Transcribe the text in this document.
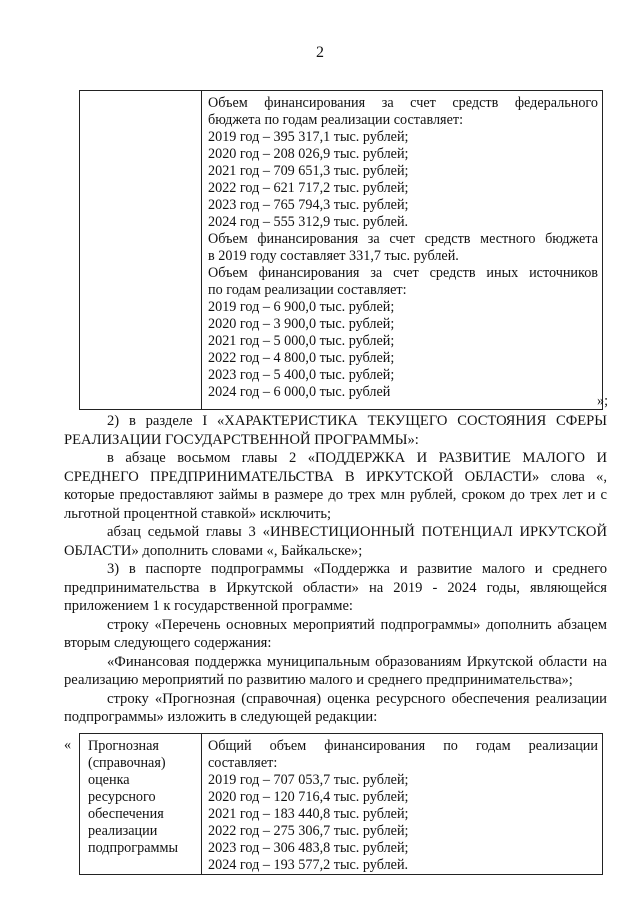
2
Объем финансирования за счет средств федерального
бюджета по годам реализации составляет:
2019 год – 395 317,1 тыс. рублей;
2020 год – 208 026,9 тыс. рублей;
2021 год – 709 651,3 тыс. рублей;
2022 год – 621 717,2 тыс. рублей;
2023 год – 765 794,3 тыс. рублей;
2024 год – 555 312,9 тыс. рублей.
Объем финансирования за счет средств местного бюджета
в 2019 году составляет 331,7 тыс. рублей.
Объем финансирования за счет средств иных источников
по годам реализации составляет:
2019 год – 6 900,0 тыс. рублей;
2020 год – 3 900,0 тыс. рублей;
2021 год – 5 000,0 тыс. рублей;
2022 год – 4 800,0 тыс. рублей;
2023 год – 5 400,0 тыс. рублей;
2024 год – 6 000,0 тыс. рублей
»;

2) в разделе I «ХАРАКТЕРИСТИКА ТЕКУЩЕГО СОСТОЯНИЯ СФЕРЫ РЕАЛИЗАЦИИ ГОСУДАРСТВЕННОЙ ПРОГРАММЫ»:

в абзаце восьмом главы 2 «ПОДДЕРЖКА И РАЗВИТИЕ МАЛОГО И СРЕДНЕГО ПРЕДПРИНИМАТЕЛЬСТВА В ИРКУТСКОЙ ОБЛАСТИ» слова «, которые предоставляют займы в размере до трех млн рублей, сроком до трех лет и с льготной процентной ставкой» исключить;

абзац седьмой главы 3 «ИНВЕСТИЦИОННЫЙ ПОТЕНЦИАЛ ИРКУТСКОЙ ОБЛАСТИ» дополнить словами «, Байкальске»;

3) в паспорте подпрограммы «Поддержка и развитие малого и среднего предпринимательства в Иркутской области» на 2019 - 2024 годы, являющейся приложением 1 к государственной программе:

строку «Перечень основных мероприятий подпрограммы» дополнить абзацем вторым следующего содержания:

«Финансовая поддержка муниципальным образованиям Иркутской области на реализацию мероприятий по развитию малого и среднего предпринимательства»;

строку «Прогнозная (справочная) оценка ресурсного обеспечения реализации подпрограммы» изложить в следующей редакции:

« Прогнозная
(справочная)
оценка
ресурсного
обеспечения
реализации
подпрограммы
Общий объем финансирования по годам реализации
составляет:
2019 год – 707 053,7 тыс. рублей;
2020 год – 120 716,4 тыс. рублей;
2021 год – 183 440,8 тыс. рублей;
2022 год – 275 306,7 тыс. рублей;
2023 год – 306 483,8 тыс. рублей;
2024 год – 193 577,2 тыс. рублей.
